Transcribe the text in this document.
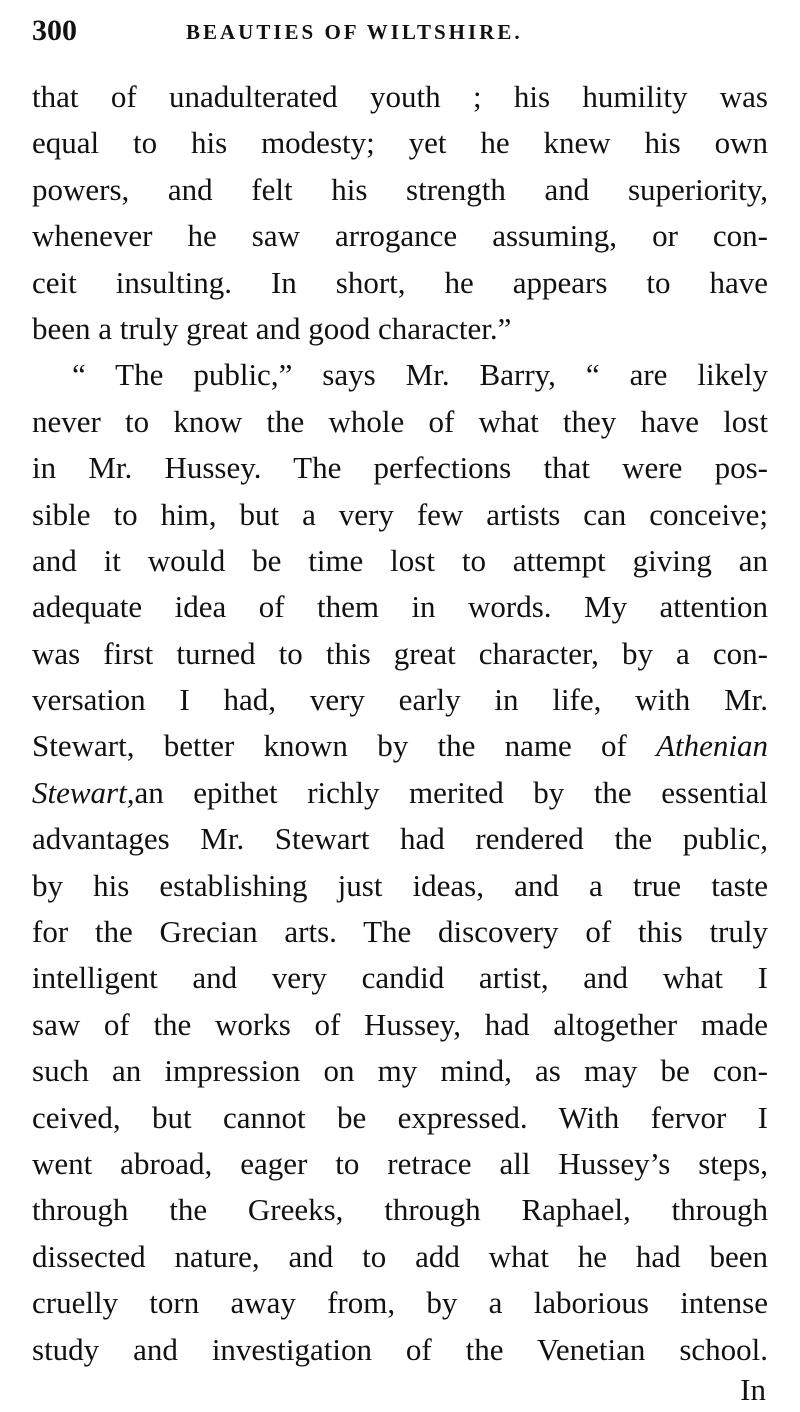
300	BEAUTIES OF WILTSHIRE.
that of unadulterated youth ; his humility was
equal to his modesty; yet he knew his own
powers, and felt his strength and superiority,
whenever he saw arrogance assuming, or con-
ceit insulting. In short, he appears to have
been a truly great and good character.”
“ The public,” says Mr. Barry, “ are likely
never to know the whole of what they have lost
in Mr. Hussey. The perfections that were pos-
sible to him, but a very few artists can conceive;
and it would be time lost to attempt giving an
adequate idea of them in words. My attention
was first turned to this great character, by a con-
versation I had, very early in life, with Mr.
Stewart, better known by the name of Athenian
Stewart,an epithet richly merited by the essential
advantages Mr. Stewart had rendered the public,
by his establishing just ideas, and a true taste
for the Grecian arts. The discovery of this truly
intelligent and very candid artist, and what I
saw of the works of Hussey, had altogether made
such an impression on my mind, as may be con-
ceived, but cannot be expressed. With fervor I
went abroad, eager to retrace all Hussey’s steps,
through the Greeks, through Raphael, through
dissected nature, and to add what he had been
cruelly torn away from, by a laborious intense
study and investigation of the Venetian school.
In
